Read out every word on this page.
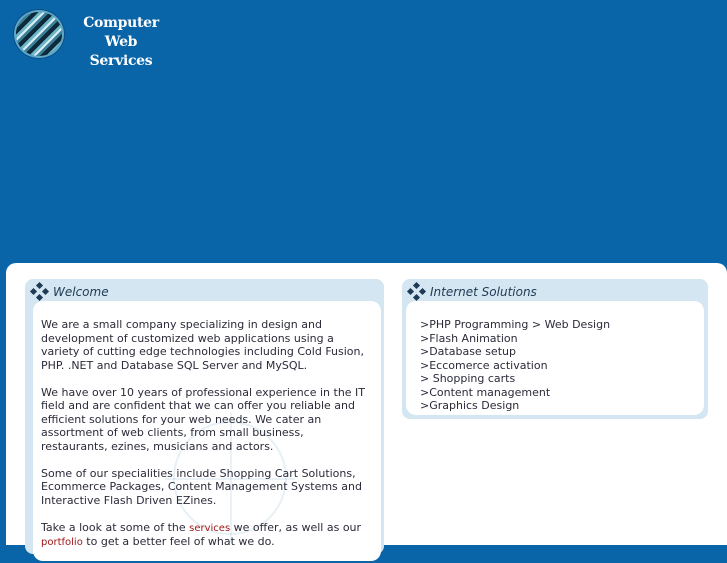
Computer Web
Services
Welcome

We are a small company specializing in design and development of customized web applications using a variety of cutting edge technologies including Cold Fusion, PHP. .NET and Database SQL Server and MySQL.

We have over 10 years of professional experience in the IT field and are confident that we can offer you reliable and efficient solutions for your web needs. We cater an assortment of web clients, from small business, restaurants, ezines, musicians and actors.

Some of our specialities include Shopping Cart Solutions, Ecommerce Packages, Content Management Systems and Interactive Flash Driven EZines.

Take a look at some of the services we offer, as well as our portfolio to get a better feel of what we do.

Internet Solutions
>PHP Programming > Web Design
>Flash Animation
>Database setup
>Eccomerce activation
> Shopping carts
>Content management
>Graphics Design
